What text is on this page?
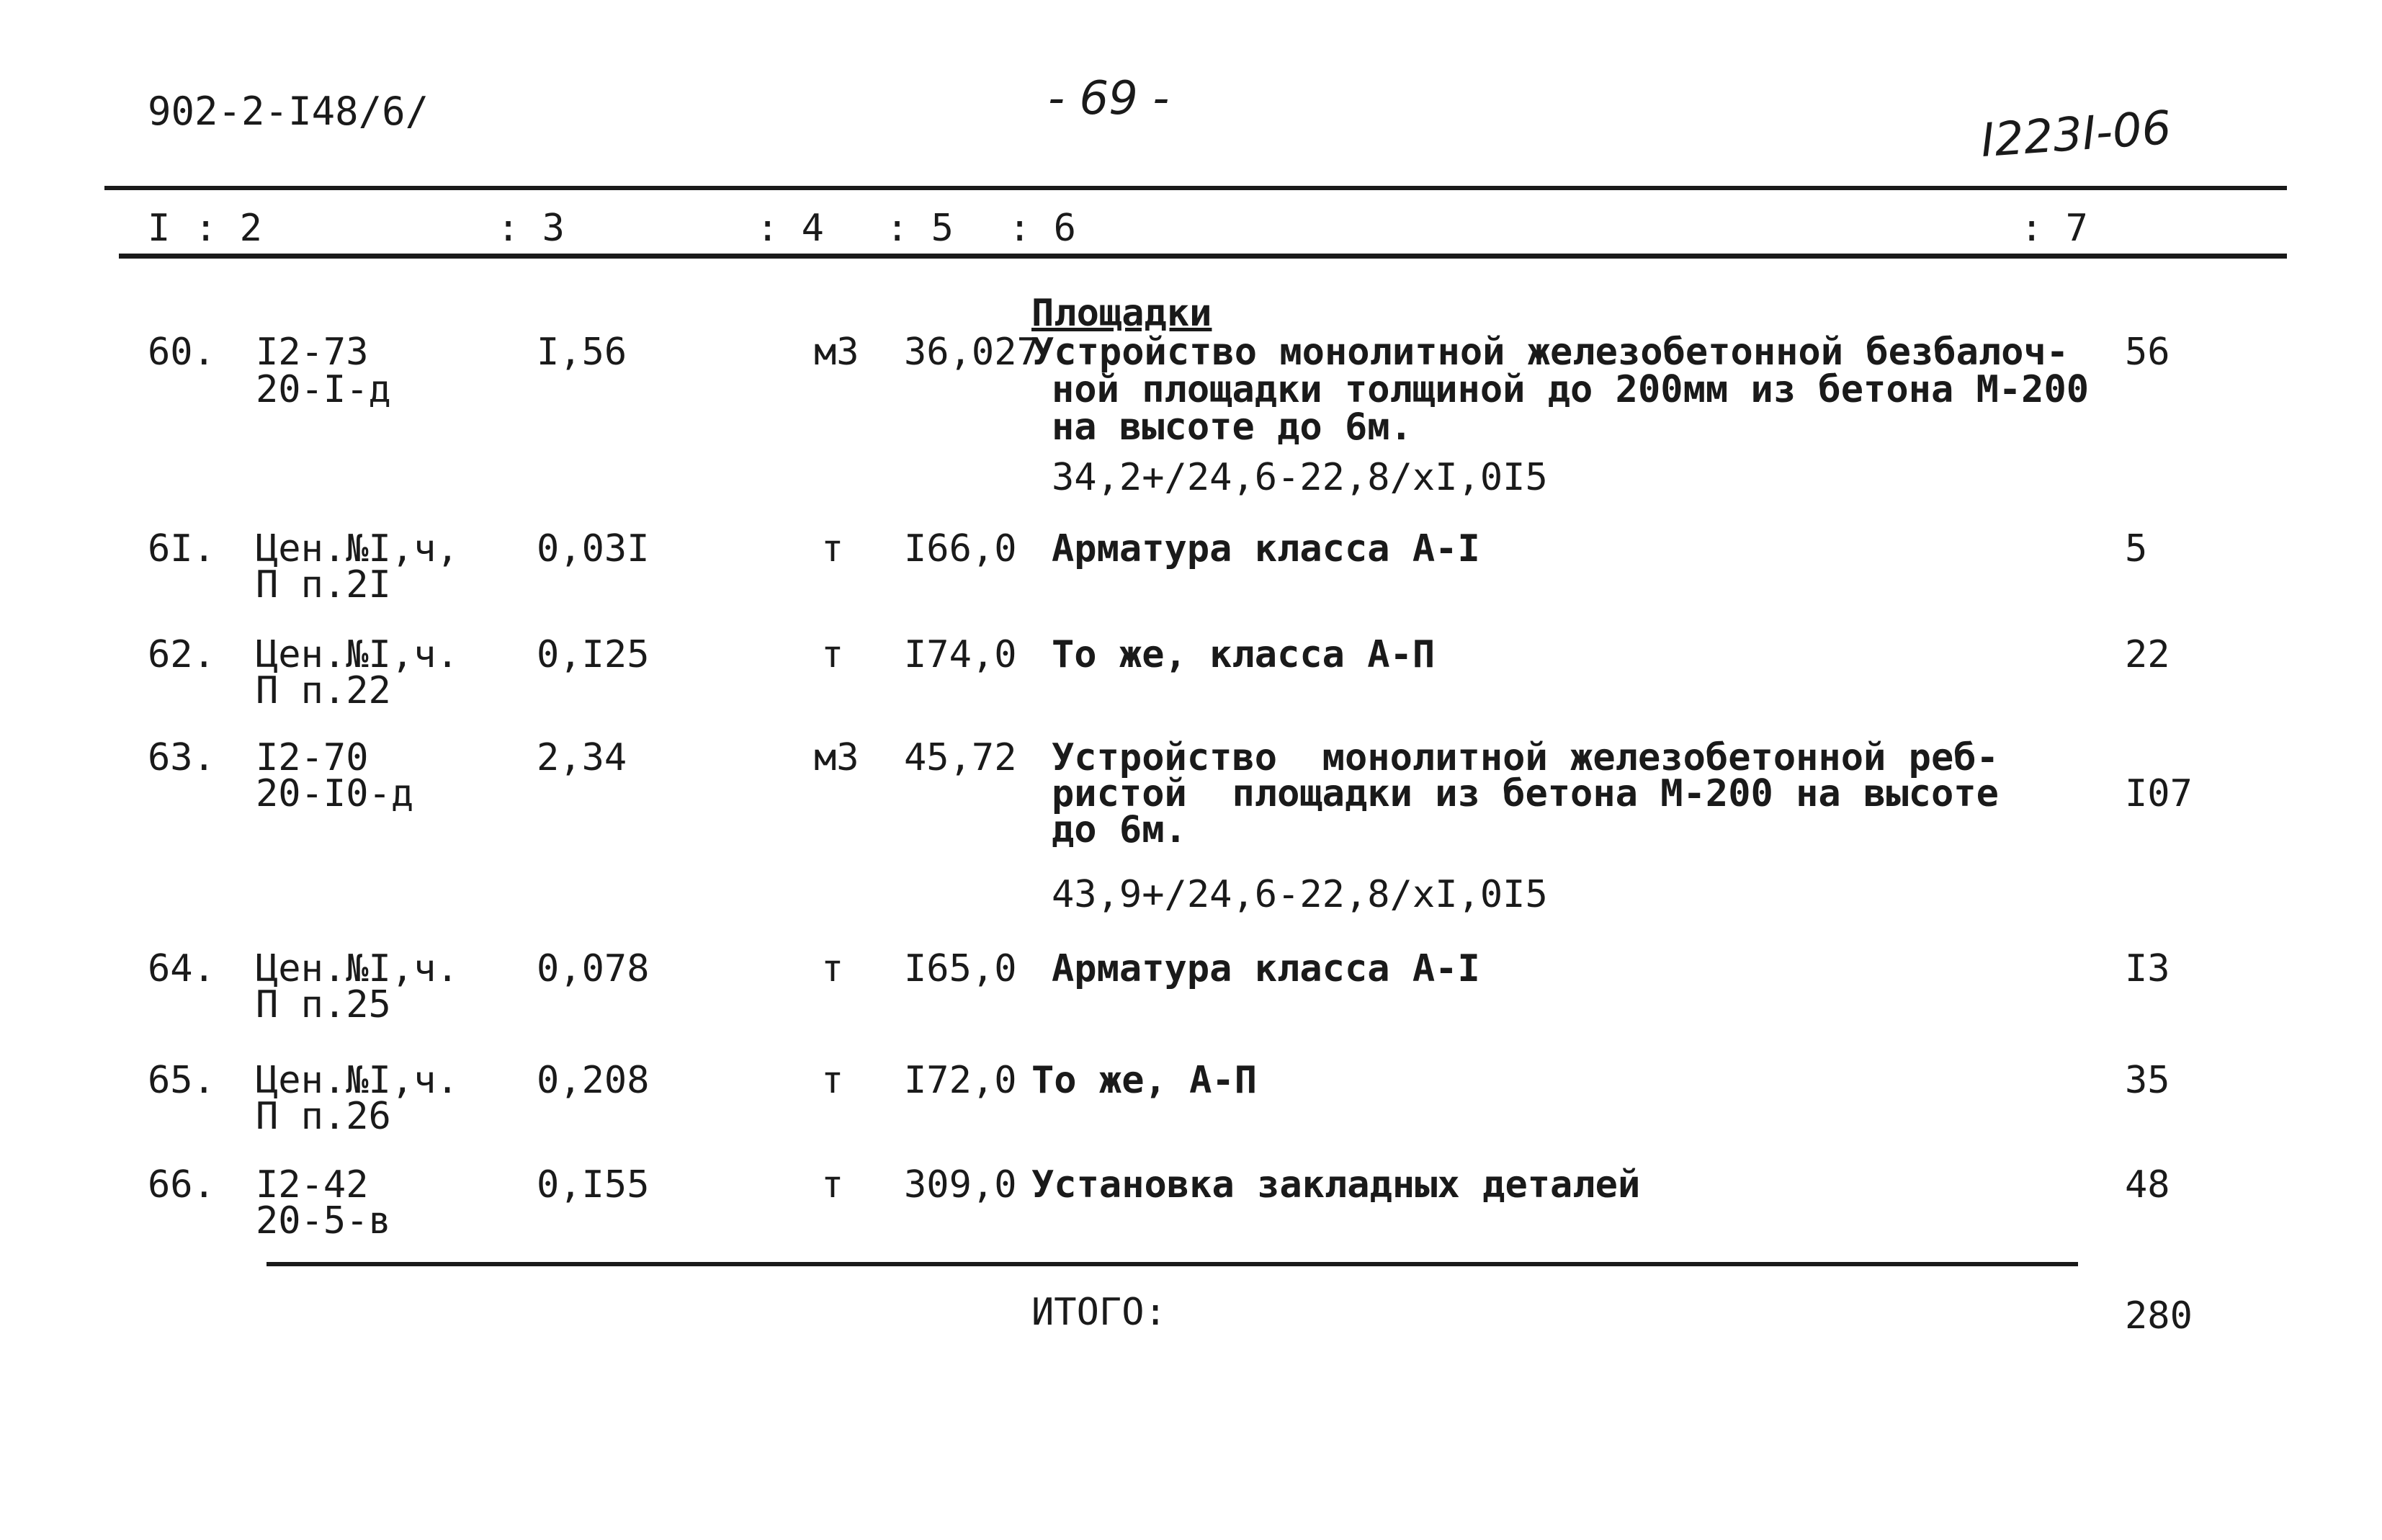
902-2-I48/6/	- 69 -
I223I-06
I : 2	: 3	: 4 : 5 : 6	: 7
Площадки
60. I2-73
20-I-д
I,56	м3 36,027
Устройство монолитной железобетонной безбалоч-
ной площадки толщиной до 200мм из бетона М-200
на высоте до 6м.
34,2+/24,6-22,8/хI,0I5
56
6I. Цен.№I,ч,
П п.2I
0,03I	т I66,0 Арматура класса А-I	5
62. Цен.№I,ч.
П п.22
0,I25	т I74,0 То же, класса А-П	22
63. I2-70
20-I0-д
2,34	м3 45,72 Устройство  монолитной железобетонной реб-
ристой  площадки из бетона М-200 на высоте
до 6м.
43,9+/24,6-22,8/хI,0I5
I07
64. Цен.№I,ч.
П п.25
0,078	т I65,0 Арматура класса А-I	I3
65. Цен.№I,ч.
П п.26
0,208	т I72,0 То же, А-П	35
66. I2-42
20-5-в
0,I55	т 309,0 Установка закладных деталей	48
ИТОГО:	280
